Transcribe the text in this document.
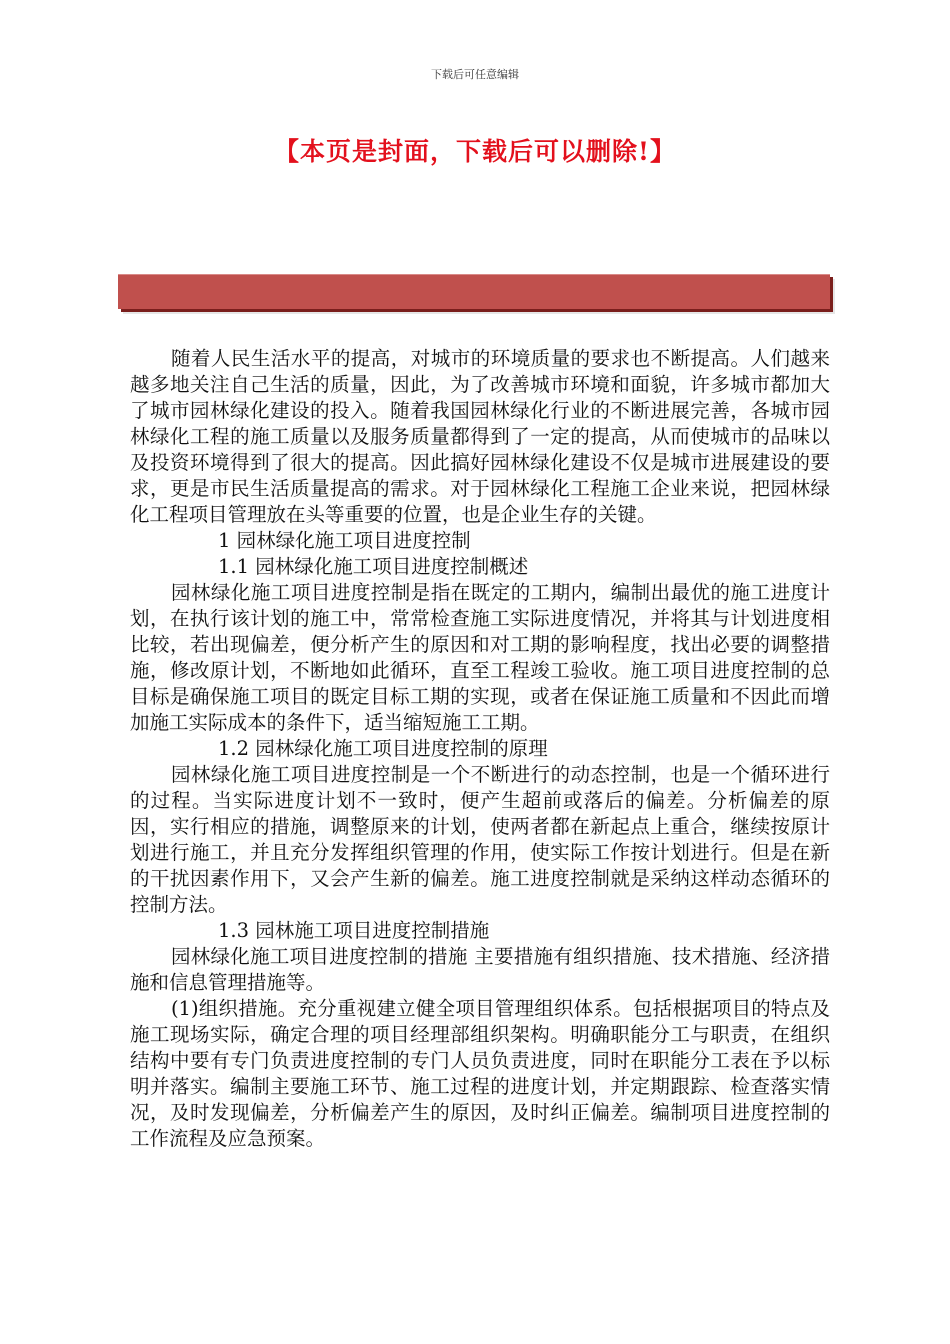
下载后可任意编辑
【本页是封面，下载后可以删除!】

随着人民生活水平的提高，对城市的环境质量的要求也不断提高。人们越来越多地关注自己生活的质量，因此，为了改善城市环境和面貌，许多城市都加大了城市园林绿化建设的投入。随着我国园林绿化行业的不断进展完善，各城市园林绿化工程的施工质量以及服务质量都得到了一定的提高，从而使城市的品味以及投资环境得到了很大的提高。因此搞好园林绿化建设不仅是城市进展建设的要求，更是市民生活质量提高的需求。对于园林绿化工程施工企业来说，把园林绿化工程项目管理放在头等重要的位置，也是企业生存的关键。

1 园林绿化施工项目进度控制

1.1 园林绿化施工项目进度控制概述

园林绿化施工项目进度控制是指在既定的工期内，编制出最优的施工进度计划，在执行该计划的施工中，常常检查施工实际进度情况，并将其与计划进度相比较，若出现偏差，便分析产生的原因和对工期的影响程度，找出必要的调整措施，修改原计划，不断地如此循环，直至工程竣工验收。施工项目进度控制的总目标是确保施工项目的既定目标工期的实现，或者在保证施工质量和不因此而增加施工实际成本的条件下，适当缩短施工工期。

1.2 园林绿化施工项目进度控制的原理

园林绿化施工项目进度控制是一个不断进行的动态控制，也是一个循环进行的过程。当实际进度计划不一致时，便产生超前或落后的偏差。分析偏差的原因，实行相应的措施，调整原来的计划，使两者都在新起点上重合，继续按原计划进行施工，并且充分发挥组织管理的作用，使实际工作按计划进行。但是在新的干扰因素作用下，又会产生新的偏差。施工进度控制就是采纳这样动态循环的控制方法。

1.3 园林施工项目进度控制措施

园林绿化施工项目进度控制的措施 主要措施有组织措施、技术措施、经济措施和信息管理措施等。

(1)组织措施。充分重视建立健全项目管理组织体系。包括根据项目的特点及施工现场实际，确定合理的项目经理部组织架构。明确职能分工与职责，在组织结构中要有专门负责进度控制的专门人员负责进度，同时在职能分工表在予以标明并落实。编制主要施工环节、施工过程的进度计划，并定期跟踪、检查落实情况，及时发现偏差，分析偏差产生的原因，及时纠正偏差。编制项目进度控制的工作流程及应急预案。
